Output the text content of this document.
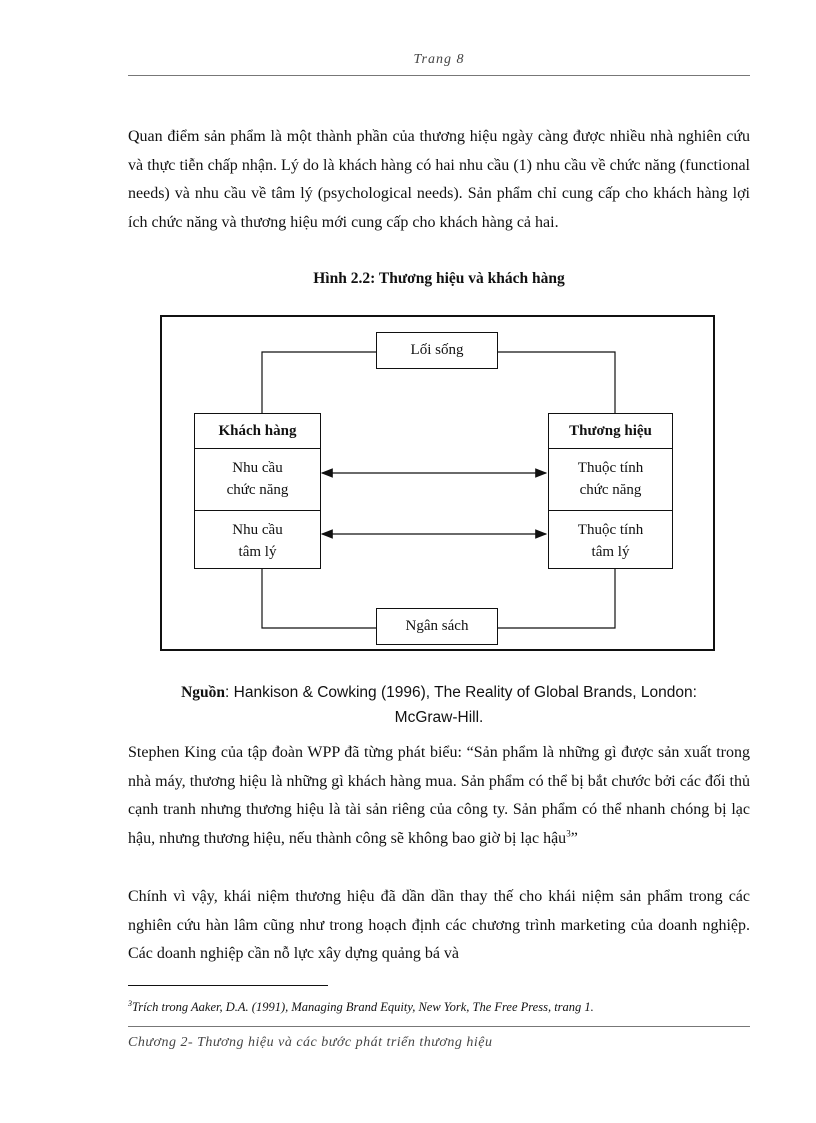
Trang 8

Quan điểm sản phẩm là một thành phần của thương hiệu ngày càng được nhiều nhà nghiên cứu và thực tiễn chấp nhận. Lý do là khách hàng có hai nhu cầu (1) nhu cầu về chức năng (functional needs) và nhu cầu về tâm lý (psychological needs). Sản phẩm chỉ cung cấp cho khách hàng lợi ích chức năng và thương hiệu mới cung cấp cho khách hàng cả hai.

Hình 2.2: Thương hiệu và khách hàng
Lối sống
Ngân sách
Khách hàng
Nhu cầu
chức năng
Nhu cầu
tâm lý
Thương hiệu
Thuộc tính
chức năng
Thuộc tính
tâm lý
Nguồn: Hankison & Cowking (1996), The Reality of Global Brands, London:
McGraw-Hill.

Stephen King của tập đoàn WPP đã từng phát biểu: “Sản phẩm là những gì được sản xuất trong nhà máy, thương hiệu là những gì khách hàng mua. Sản phẩm có thể bị bắt chước bởi các đối thủ cạnh tranh nhưng thương hiệu là tài sản riêng của công ty. Sản phẩm có thể nhanh chóng bị lạc hậu, nhưng thương hiệu, nếu thành công sẽ không bao giờ bị lạc hậu$^3$”

Chính vì vậy, khái niệm thương hiệu đã dần dần thay thế cho khái niệm sản phẩm trong các nghiên cứu hàn lâm cũng như trong hoạch định các chương trình marketing của doanh nghiệp. Các doanh nghiệp cần nỗ lực xây dựng quảng bá và

$^3$Trích trong Aaker, D.A. (1991), Managing Brand Equity, New York, The Free Press, trang 1.
Chương 2- Thương hiệu và các bước phát triển thương hiệu
